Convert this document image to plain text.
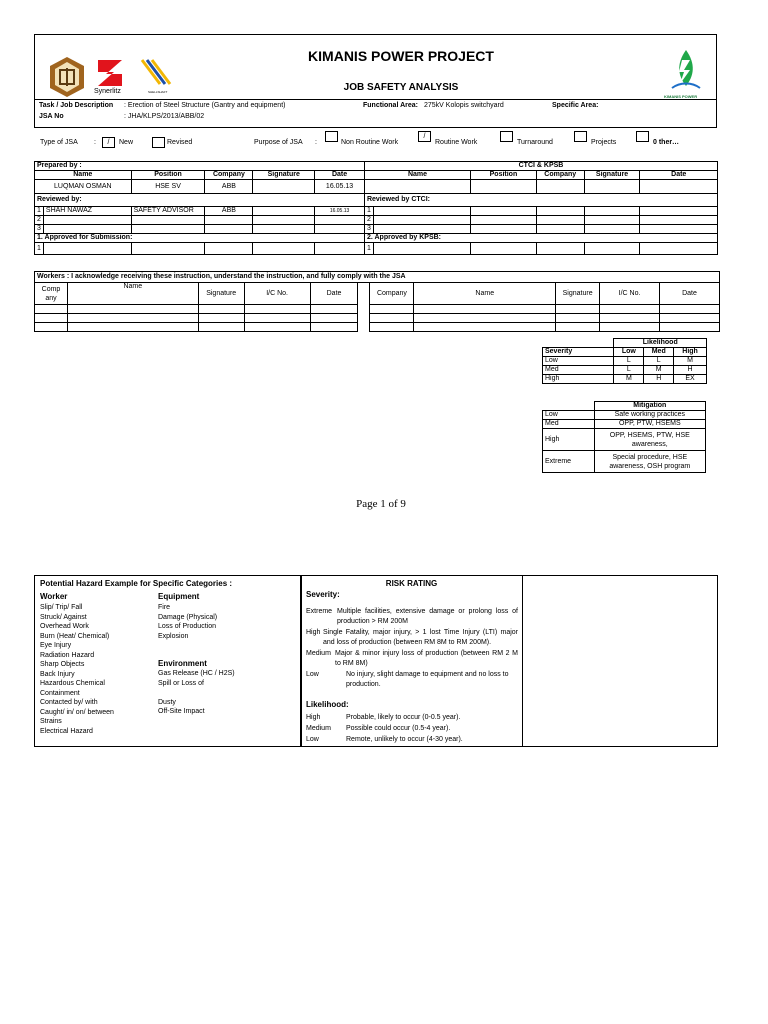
Synerlitz	SHELLSHAFT
KIMANIS POWER
KIMANIS POWER PROJECT
JOB SAFETY ANALYSIS
Task / Job Description : Erection of Steel Structure (Gantry and equipment)
JSA No	: JHA/KLPS/2013/ABB/02
Functional Area: 275kV Kolopis switchyard	Specific Area:
Type of JSA :	/	New	Revised	Purpose of JSA :	Non Routine Work
/
Routine Work	Turnaround	Projects	0 ther…
Prepared by :						CTCI & KPSB					
Name		Position	Company	Signature	Date	Name		Position	Company	Signature	Date
LUQMAN OSMAN		HSE SV	ABB		16.05.13						
Reviewed by:						Reviewed by CTCI:					
1	SHAH NAWAZ	SAFETY ADVISOR	ABB		16.05.13	1					
2						2					
3						3					
1. Approved for Submission:						2. Approved by KPSB:					
1						1					
Workers : I acknowledge receiving these instruction, understand the instruction, and fully comply with the JSA										
Comp any	Name	Signature	I/C No.	Date		Company	Name	Signature	I/C No.	Date

	Likelihood		
Severity	Low	Med	High
Low	L	L	M
Med	L	M	H
High	M	H	EX
	Mitigation
Low	Safe working practices
Med	OPP, PTW, HSEMS
High	OPP, HSEMS, PTW, HSE awareness,
Extreme	Special procedure, HSE awareness, OSH program
Page 1 of 9
Potential Hazard Example for Specific Categories :
Worker
Slip/ Trip/ Fall
Struck/ Against
Overhead Work
Burn (Heat/ Chemical)
Eye Injury
Radiation Hazard
Sharp Objects
Back Injury
Hazardous Chemical
Containment
Contacted by/ with
Caught/ in/ on/ between
Strains
Electrical Hazard
Equipment
Fire
Damage (Physical)
Loss of Production
Explosion
Environment
Gas Release (HC / H2S)
Spill or Loss of
Dusty
Off-Site Impact
RISK RATING
Severity:
Extreme Multiple facilities, extensive damage or prolong loss of production > RM 200M
High Single Fatality, major injury, > 1 lost Time Injury (LTI) major and loss of production (between RM 8M to RM 200M).
Medium Major & minor injury loss of production (between RM 2 M to RM 8M)
Low	No injury, slight damage to equipment and no loss to production.
Likelihood:
High	Probable, likely to occur (0-0.5 year).
Medium Possible could occur (0.5-4 year).
Low	Remote, unlikely to occur (4-30 year).
